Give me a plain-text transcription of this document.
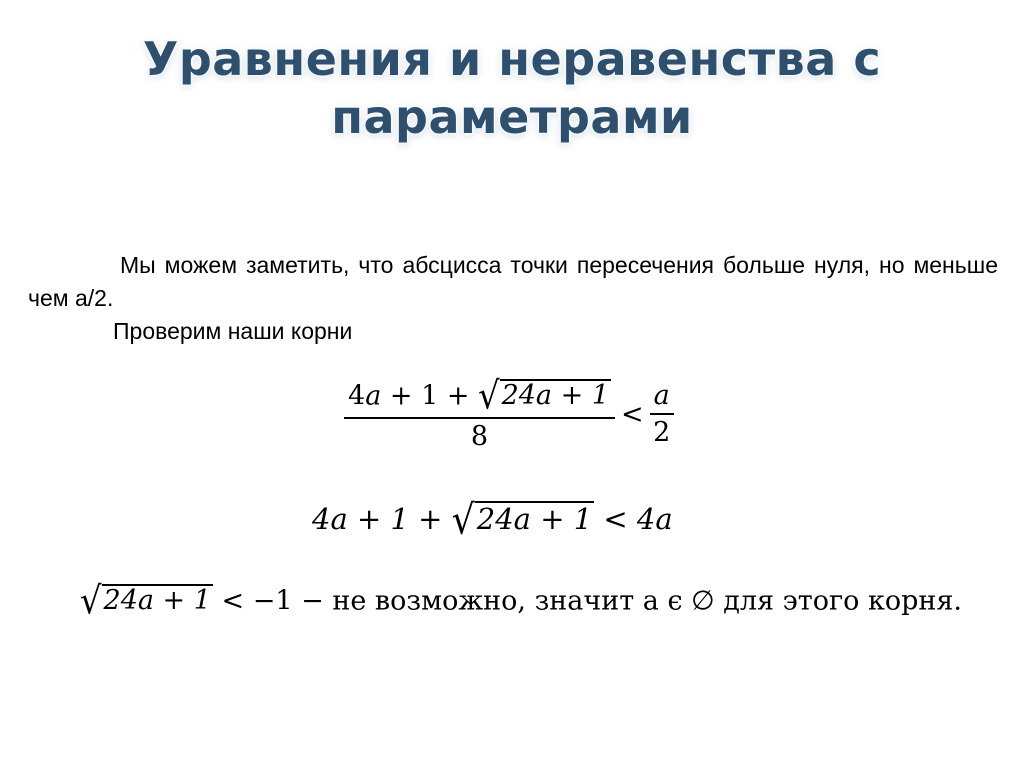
Уравнения и неравенства с
параметрами
Мы можем заметить, что абсцисса точки пересечения больше нуля, но меньше чем а/2.
Проверим наши корни
$\frac{4a + 1 + √24a + 1}{8} < \frac{a}{2}$
4a + 1 + √24a + 1 < 4a
√24a + 1 < −1 − не возможно, значит а ϵ ∅ для этого корня.
